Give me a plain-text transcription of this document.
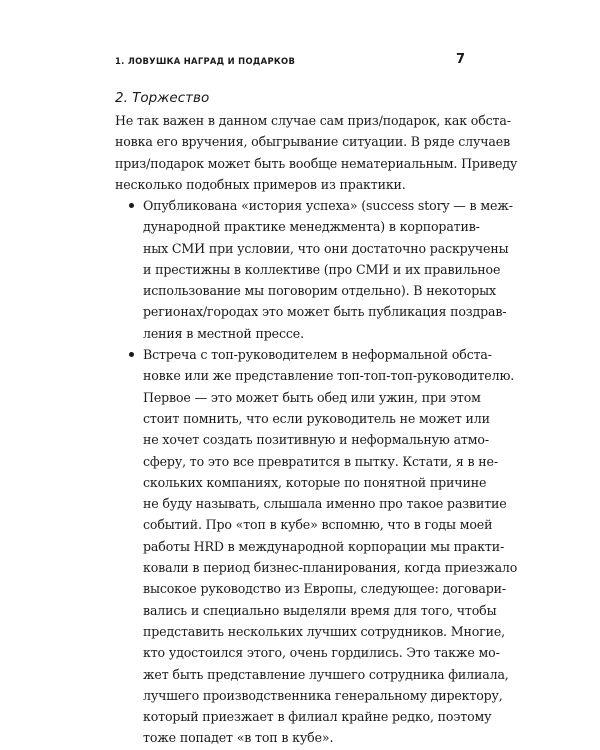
1. ЛОВУШКА НАГРАД И ПОДАРКОВ	7
2. Торжество
Не так важен в данном случае сам приз/подарок, как обста-
новка его вручения, обыгрывание ситуации. В ряде случаев
приз/подарок может быть вообще нематериальным. Приведу
несколько подобных примеров из практики.
Опубликована «история успеха» (success story — в меж-
дународной практике менеджмента) в корпоратив-
ных СМИ при условии, что они достаточно раскручены
и престижны в коллективе (про СМИ и их правильное
использование мы поговорим отдельно). В некоторых
регионах/городах это может быть публикация поздрав-
ления в местной прессе.
Встреча с топ-руководителем в неформальной обста-
новке или же представление топ-топ-топ-руководителю.
Первое — это может быть обед или ужин, при этом
стоит помнить, что если руководитель не может или
не хочет создать позитивную и неформальную атмо-
сферу, то это все превратится в пытку. Кстати, я в не-
скольких компаниях, которые по понятной причине
не буду называть, слышала именно про такое развитие
событий. Про «топ в кубе» вспомню, что в годы моей
работы HRD в международной корпорации мы практи-
ковали в период бизнес-планирования, когда приезжало
высокое руководство из Европы, следующее: договари-
вались и специально выделяли время для того, чтобы
представить нескольких лучших сотрудников. Многие,
кто удостоился этого, очень гордились. Это также мо-
жет быть представление лучшего сотрудника филиала,
лучшего производственника генеральному директору,
который приезжает в филиал крайне редко, поэтому
тоже попадет «в топ в кубе».
